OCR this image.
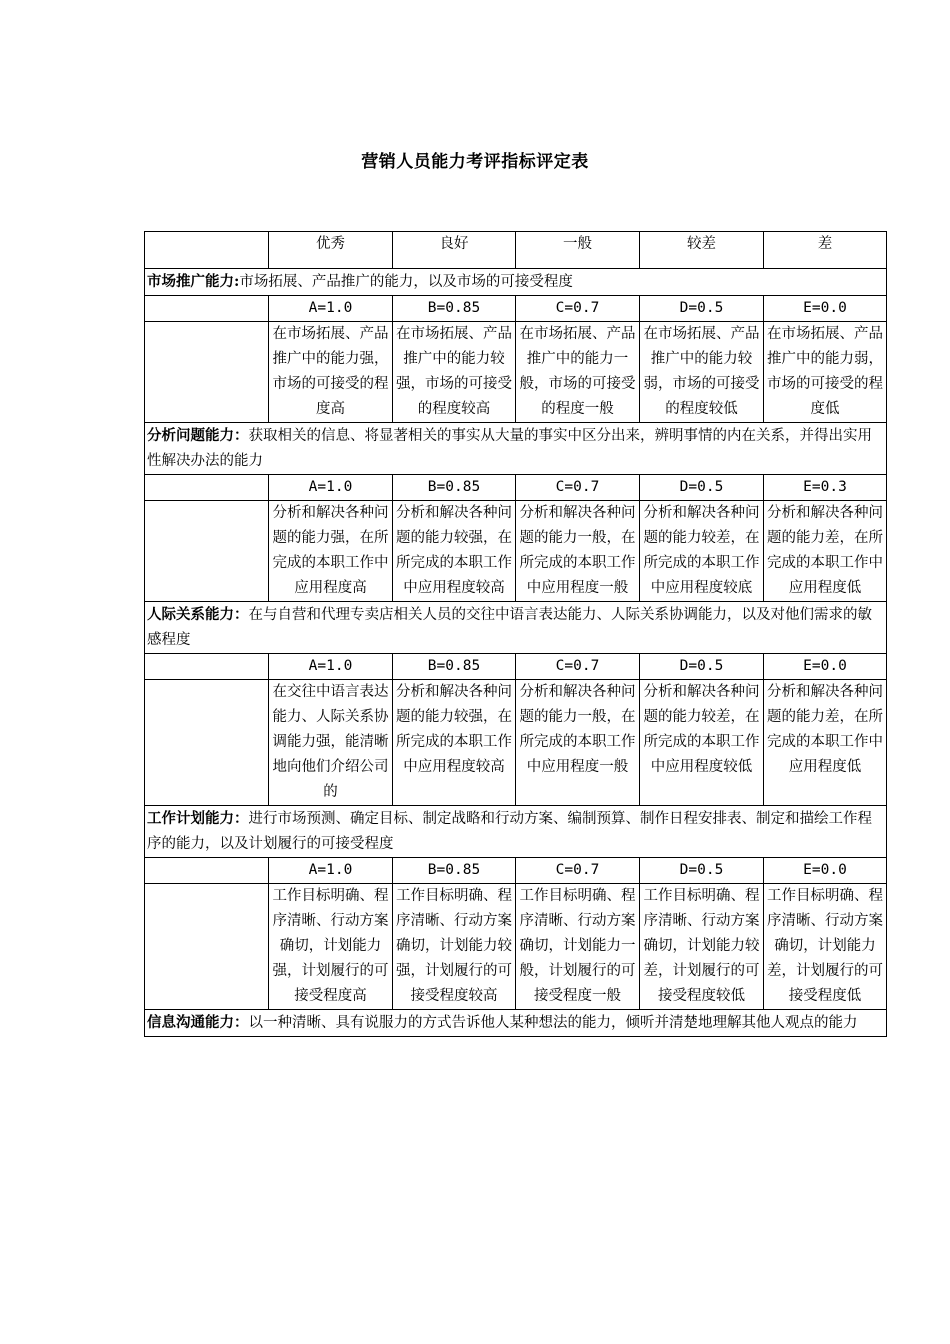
营销人员能力考评指标评定表
	优秀	良好	一般	较差	差
市场推广能力:市场拓展、产品推广的能力，以及市场的可接受程度					
	A=1.0	B=0.85	C=0.7	D=0.5	E=0.0
	在市场拓展、产品推广中的能力强，市场的可接受的程度高	在市场拓展、产品推广中的能力较强，市场的可接受的程度较高	在市场拓展、产品推广中的能力一般，市场的可接受的程度一般	在市场拓展、产品推广中的能力较弱，市场的可接受的程度较低	在市场拓展、产品推广中的能力弱，市场的可接受的程度低
分析问题能力：获取相关的信息、将显著相关的事实从大量的事实中区分出来，辨明事情的内在关系，并得出实用性解决办法的能力					
	A=1.0	B=0.85	C=0.7	D=0.5	E=0.3
	分析和解决各种问题的能力强，在所完成的本职工作中应用程度高	分析和解决各种问题的能力较强，在所完成的本职工作中应用程度较高	分析和解决各种问题的能力一般，在所完成的本职工作中应用程度一般	分析和解决各种问题的能力较差，在所完成的本职工作中应用程度较底	分析和解决各种问题的能力差，在所完成的本职工作中应用程度低
人际关系能力：在与自营和代理专卖店相关人员的交往中语言表达能力、人际关系协调能力，以及对他们需求的敏感程度					
	A=1.0	B=0.85	C=0.7	D=0.5	E=0.0
	在交往中语言表达能力、人际关系协调能力强，能清晰地向他们介绍公司的	分析和解决各种问题的能力较强，在所完成的本职工作中应用程度较高	分析和解决各种问题的能力一般，在所完成的本职工作中应用程度一般	分析和解决各种问题的能力较差，在所完成的本职工作中应用程度较低	分析和解决各种问题的能力差，在所完成的本职工作中应用程度低
工作计划能力：进行市场预测、确定目标、制定战略和行动方案、编制预算、制作日程安排表、制定和描绘工作程序的能力，以及计划履行的可接受程度					
	A=1.0	B=0.85	C=0.7	D=0.5	E=0.0
	工作目标明确、程序清晰、行动方案确切，计划能力强，计划履行的可接受程度高	工作目标明确、程序清晰、行动方案确切，计划能力较强，计划履行的可接受程度较高	工作目标明确、程序清晰、行动方案确切，计划能力一般，计划履行的可接受程度一般	工作目标明确、程序清晰、行动方案确切，计划能力较差，计划履行的可接受程度较低	工作目标明确、程序清晰、行动方案确切，计划能力差，计划履行的可接受程度低
信息沟通能力：以一种清晰、具有说服力的方式告诉他人某种想法的能力，倾听并清楚地理解其他人观点的能力					
